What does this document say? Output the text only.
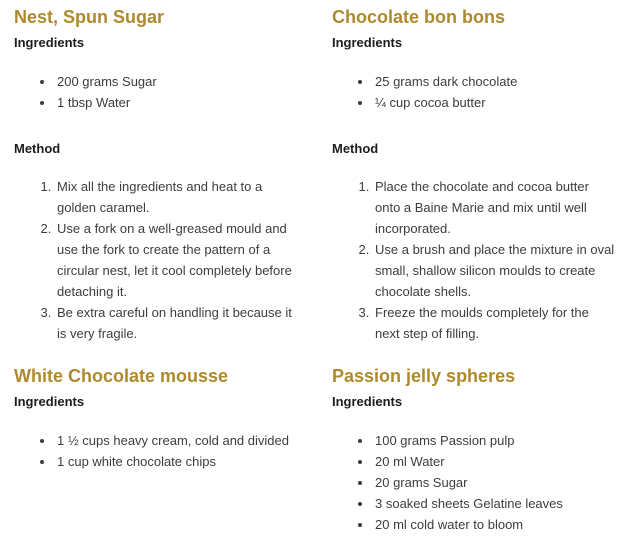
Nest, Spun Sugar
Ingredients
• 200 grams Sugar
• 1 tbsp Water
Method
1. Mix all the ingredients and heat to a golden caramel.
2. Use a fork on a well-greased mould and use the fork to create the pattern of a circular nest, let it cool completely before detaching it.
3. Be extra careful on handling it because it is very fragile.
Chocolate bon bons
Ingredients
• 25 grams dark chocolate
• ¼ cup cocoa butter
Method
1. Place the chocolate and cocoa butter onto a Baine Marie and mix until well incorporated.
2. Use a brush and place the mixture in oval small, shallow silicon moulds to create chocolate shells.
3. Freeze the moulds completely for the next step of filling.
White Chocolate mousse
Ingredients
• 1 ½ cups heavy cream, cold and divided
• 1 cup white chocolate chips
Passion jelly spheres
Ingredients
• 100 grams Passion pulp
• 20 ml Water
• 20 grams Sugar
• 3 soaked sheets Gelatine leaves
• 20 ml cold water to bloom
